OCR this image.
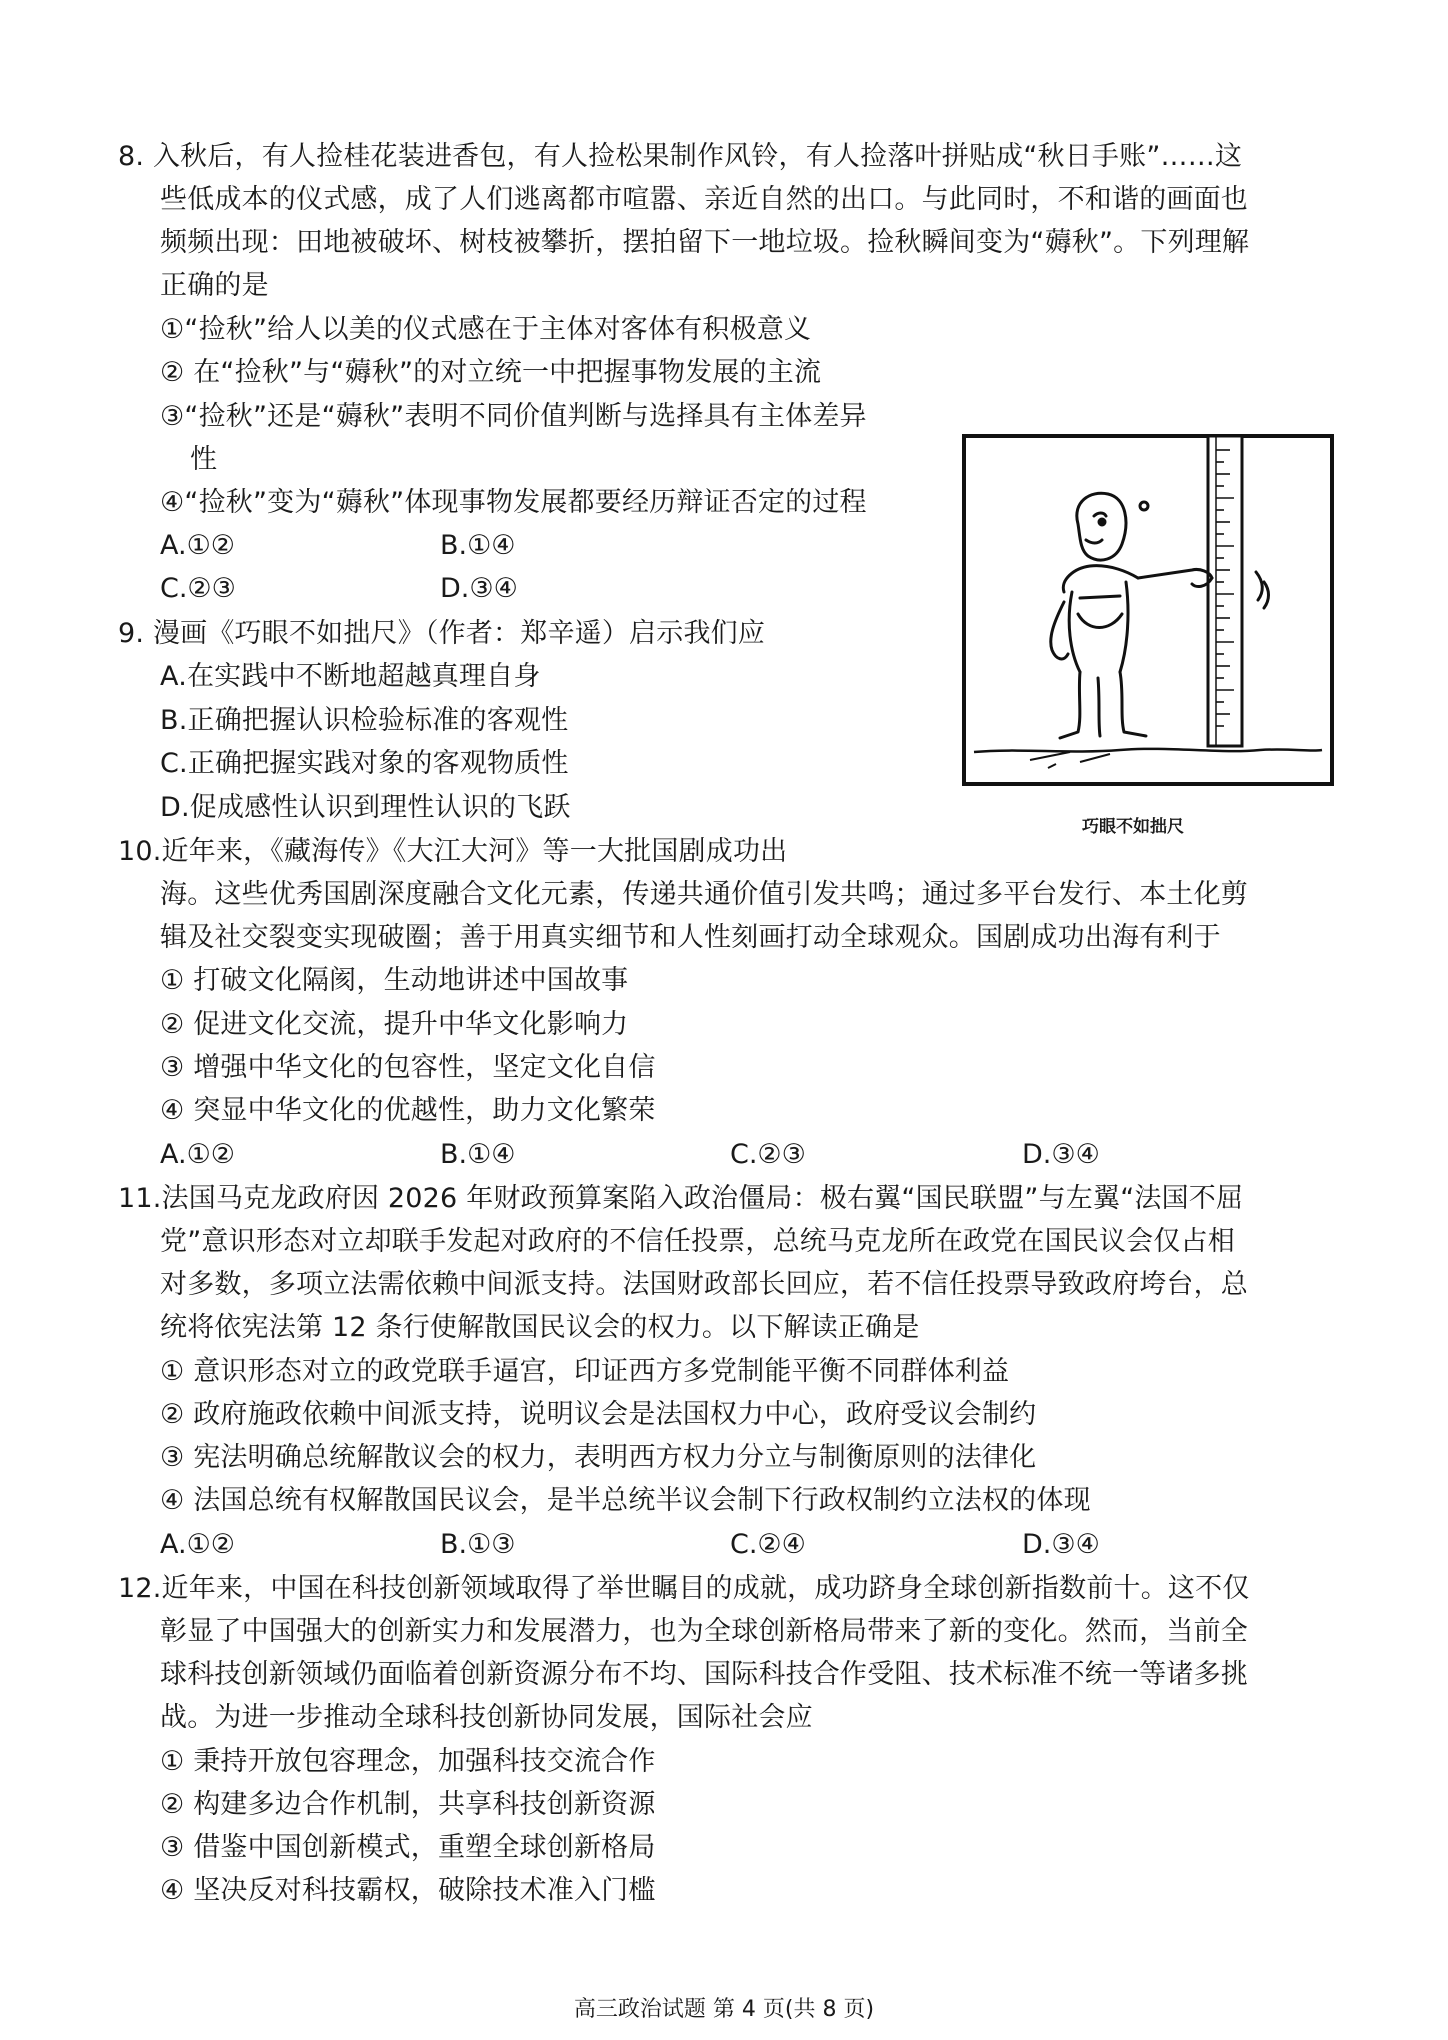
8. 入秋后，有人捡桂花装进香包，有人捡松果制作风铃，有人捡落叶拼贴成“秋日手账”……这
些低成本的仪式感，成了人们逃离都市喧嚣、亲近自然的出口。与此同时，不和谐的画面也
频频出现：田地被破坏、树枝被攀折，摆拍留下一地垃圾。捡秋瞬间变为“薅秋”。下列理解
正确的是
①“捡秋”给人以美的仪式感在于主体对客体有积极意义
② 在“捡秋”与“薅秋”的对立统一中把握事物发展的主流
③“捡秋”还是“薅秋”表明不同价值判断与选择具有主体差异
性
④“捡秋”变为“薅秋”体现事物发展都要经历辩证否定的过程
A.①②	B.①④
C.②③	D.③④
9. 漫画《巧眼不如拙尺》（作者：郑辛遥）启示我们应
A.在实践中不断地超越真理自身
B.正确把握认识检验标准的客观性
C.正确把握实践对象的客观物质性
D.促成感性认识到理性认识的飞跃
巧眼不如拙尺
10.近年来，《藏海传》《大江大河》等一大批国剧成功出
海。这些优秀国剧深度融合文化元素，传递共通价值引发共鸣；通过多平台发行、本土化剪
辑及社交裂变实现破圈；善于用真实细节和人性刻画打动全球观众。国剧成功出海有利于
① 打破文化隔阂，生动地讲述中国故事
② 促进文化交流，提升中华文化影响力
③ 增强中华文化的包容性，坚定文化自信
④ 突显中华文化的优越性，助力文化繁荣
A.①②	B.①④	C.②③	D.③④
11.法国马克龙政府因 2026 年财政预算案陷入政治僵局：极右翼“国民联盟”与左翼“法国不屈
党”意识形态对立却联手发起对政府的不信任投票，总统马克龙所在政党在国民议会仅占相
对多数，多项立法需依赖中间派支持。法国财政部长回应，若不信任投票导致政府垮台，总
统将依宪法第 12 条行使解散国民议会的权力。以下解读正确是
① 意识形态对立的政党联手逼宫，印证西方多党制能平衡不同群体利益
② 政府施政依赖中间派支持，说明议会是法国权力中心，政府受议会制约
③ 宪法明确总统解散议会的权力，表明西方权力分立与制衡原则的法律化
④ 法国总统有权解散国民议会，是半总统半议会制下行政权制约立法权的体现
A.①②	B.①③	C.②④	D.③④
12.近年来，中国在科技创新领域取得了举世瞩目的成就，成功跻身全球创新指数前十。这不仅
彰显了中国强大的创新实力和发展潜力，也为全球创新格局带来了新的变化。然而，当前全
球科技创新领域仍面临着创新资源分布不均、国际科技合作受阻、技术标准不统一等诸多挑
战。为进一步推动全球科技创新协同发展，国际社会应
① 秉持开放包容理念，加强科技交流合作
② 构建多边合作机制，共享科技创新资源
③ 借鉴中国创新模式，重塑全球创新格局
④ 坚决反对科技霸权，破除技术准入门槛
高三政治试题 第 4 页(共 8 页)
